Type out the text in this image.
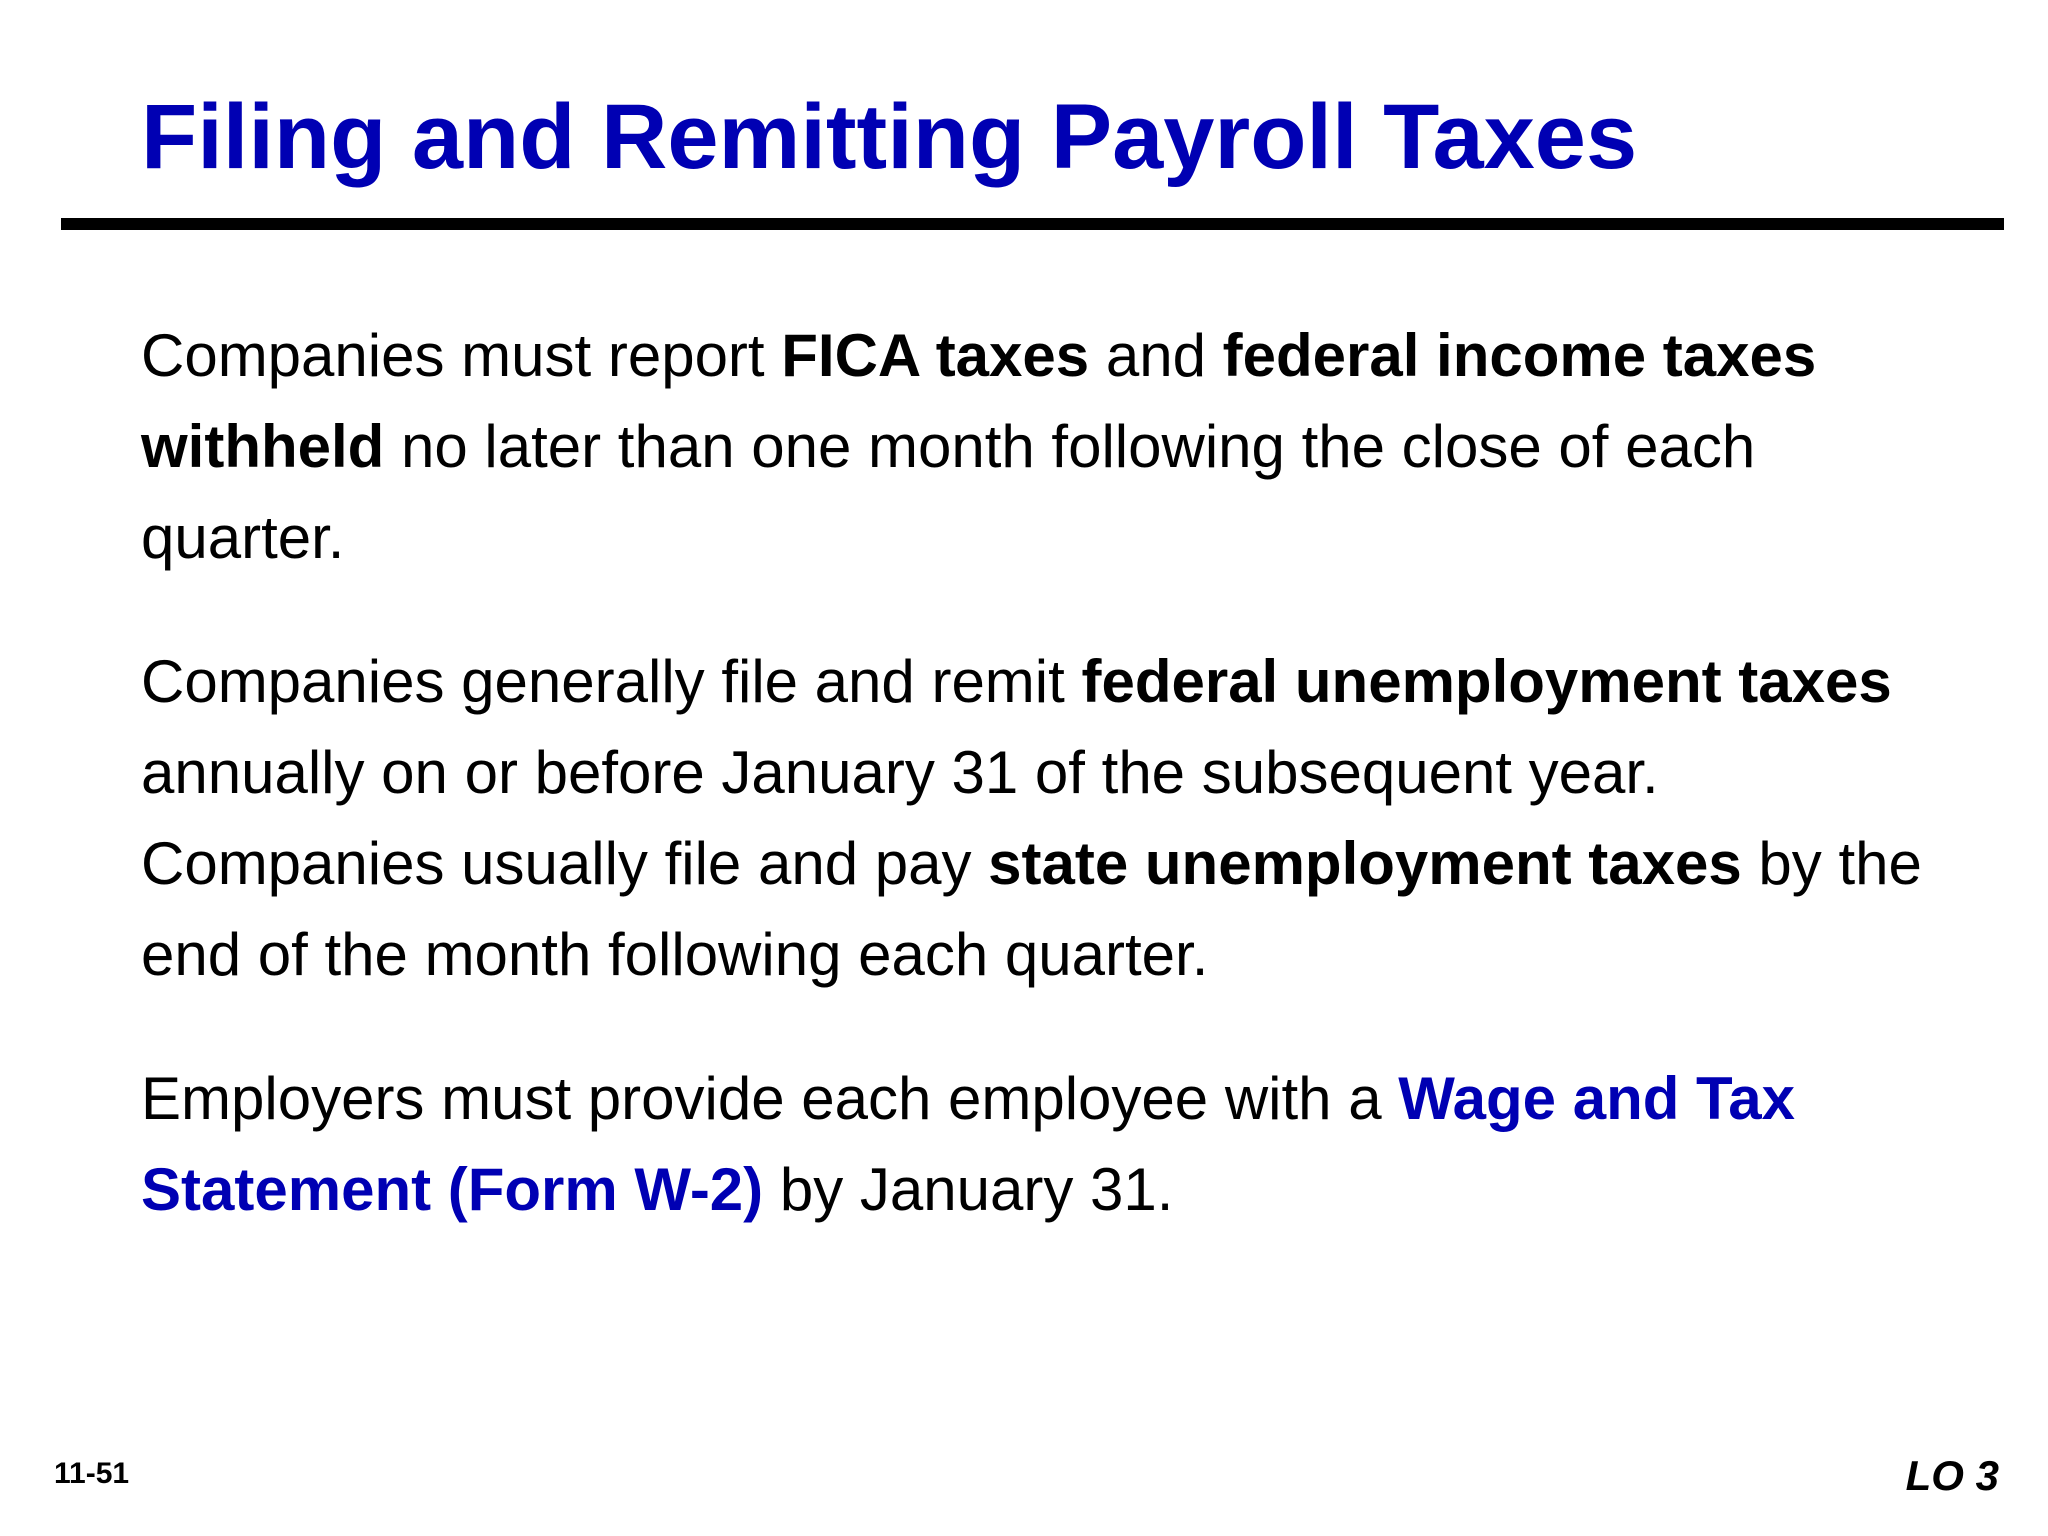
Filing and Remitting Payroll Taxes

Companies must report FICA taxes and federal income taxes withheld no later than one month following the close of each quarter.

Companies generally file and remit federal unemployment taxes annually on or before January 31 of the subsequent year. Companies usually file and pay state unemployment taxes by the end of the month following each quarter.

Employers must provide each employee with a Wage and Tax Statement (Form W-2) by January 31.

11-51	LO 3
